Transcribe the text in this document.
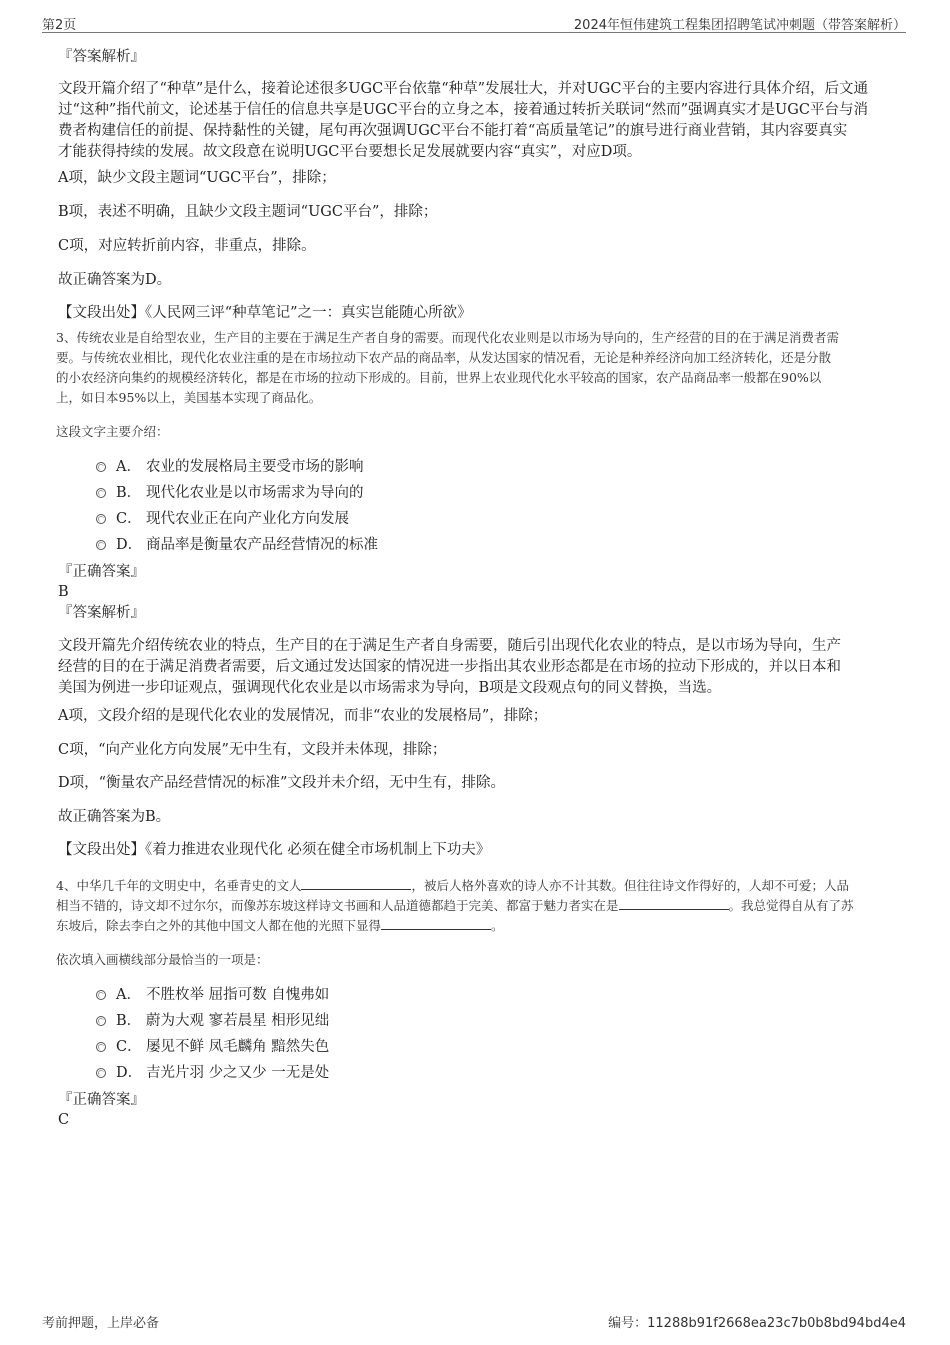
第2页	2024年恒伟建筑工程集团招聘笔试冲刺题（带答案解析）
『答案解析』
文段开篇介绍了“种草”是什么，接着论述很多UGC平台依靠“种草”发展壮大，并对UGC平台的主要内容进行具体介绍，后文通
过“这种”指代前文，论述基于信任的信息共享是UGC平台的立身之本，接着通过转折关联词“然而”强调真实才是UGC平台与消
费者构建信任的前提、保持黏性的关键，尾句再次强调UGC平台不能打着“高质量笔记”的旗号进行商业营销，其内容要真实
才能获得持续的发展。故文段意在说明UGC平台要想长足发展就要内容“真实”，对应D项。
A项，缺少文段主题词“UGC平台”，排除；
B项，表述不明确，且缺少文段主题词“UGC平台”，排除；
C项，对应转折前内容，非重点，排除。
故正确答案为D。
【文段出处】《人民网三评“种草笔记”之一：真实岂能随心所欲》
3、传统农业是自给型农业，生产目的主要在于满足生产者自身的需要。而现代化农业则是以市场为导向的，生产经营的目的在于满足消费者需
要。与传统农业相比，现代化农业注重的是在市场拉动下农产品的商品率，从发达国家的情况看，无论是种养经济向加工经济转化，还是分散
的小农经济向集约的规模经济转化，都是在市场的拉动下形成的。目前，世界上农业现代化水平较高的国家，农产品商品率一般都在90%以
上，如日本95%以上，美国基本实现了商品化。
这段文字主要介绍：
A． 农业的发展格局主要受市场的影响
B． 现代化农业是以市场需求为导向的
C． 现代农业正在向产业化方向发展
D． 商品率是衡量农产品经营情况的标准
『正确答案』
B
『答案解析』
文段开篇先介绍传统农业的特点，生产目的在于满足生产者自身需要，随后引出现代化农业的特点，是以市场为导向，生产
经营的目的在于满足消费者需要，后文通过发达国家的情况进一步指出其农业形态都是在市场的拉动下形成的，并以日本和
美国为例进一步印证观点，强调现代化农业是以市场需求为导向，B项是文段观点句的同义替换，当选。
A项，文段介绍的是现代化农业的发展情况，而非“农业的发展格局”，排除；
C项，“向产业化方向发展”无中生有，文段并未体现，排除；
D项，“衡量农产品经营情况的标准”文段并未介绍，无中生有，排除。
故正确答案为B。
【文段出处】《着力推进农业现代化 必须在健全市场机制上下功夫》
4、中华几千年的文明史中，名垂青史的文人	，被后人格外喜欢的诗人亦不计其数。但往往诗文作得好的，人却不可爱；人品
相当不错的，诗文却不过尔尔，而像苏东坡这样诗文书画和人品道德都趋于完美、都富于魅力者实在是	。我总觉得自从有了苏
东坡后，除去李白之外的其他中国文人都在他的光照下显得	。
依次填入画横线部分最恰当的一项是：
A． 不胜枚举 屈指可数 自愧弗如
B． 蔚为大观 寥若晨星 相形见绌
C． 屡见不鲜 凤毛麟角 黯然失色
D． 吉光片羽 少之又少 一无是处
『正确答案』
C
考前押题，上岸必备	编号：11288b91f2668ea23c7b0b8bd94bd4e4
